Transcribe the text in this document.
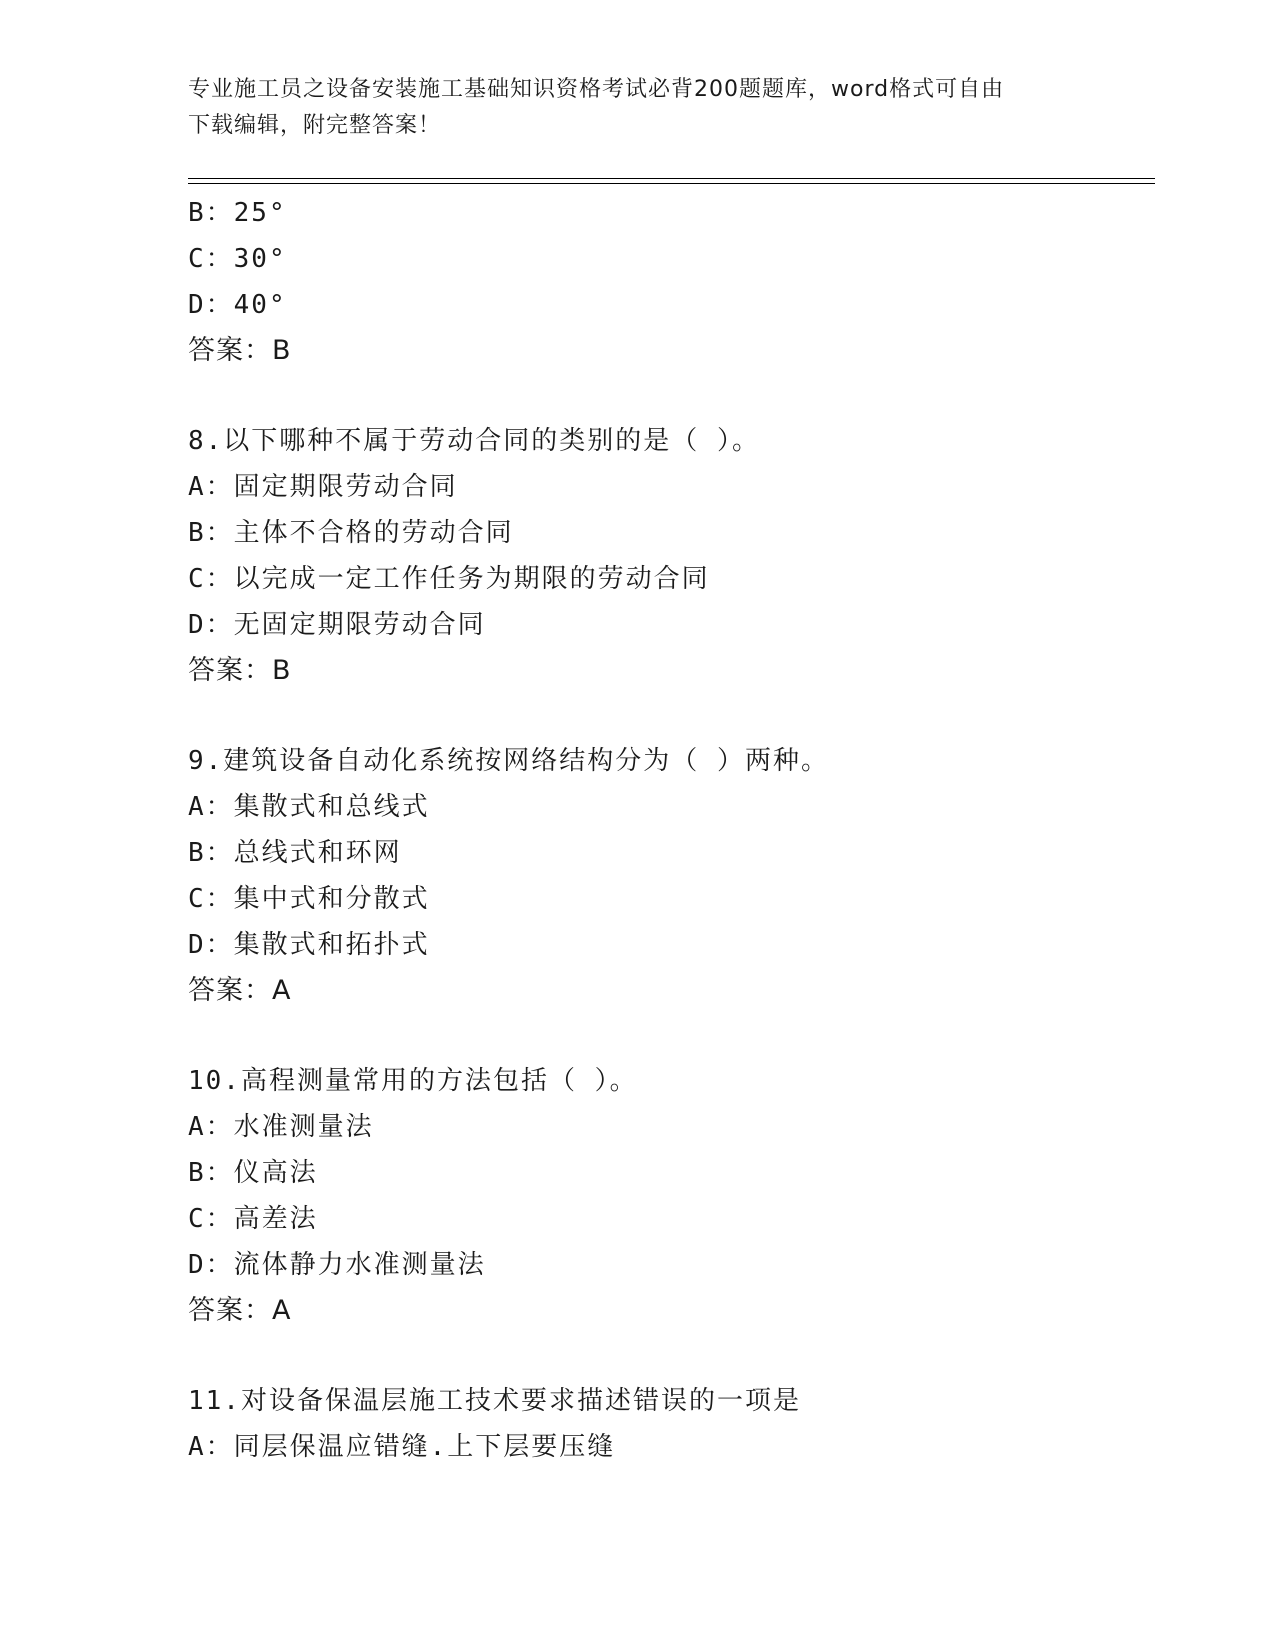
专业施工员之设备安装施工基础知识资格考试必背200题题库，word格式可自由
下载编辑，附完整答案！
B：25°
C：30°
D：40°
答案：B
8.以下哪种不属于劳动合同的类别的是（ ）。
A：固定期限劳动合同
B：主体不合格的劳动合同
C：以完成一定工作任务为期限的劳动合同
D：无固定期限劳动合同
答案：B
9.建筑设备自动化系统按网络结构分为（ ）两种。
A：集散式和总线式
B：总线式和环网
C：集中式和分散式
D：集散式和拓扑式
答案：A
10.高程测量常用的方法包括（ ）。
A：水准测量法
B：仪高法
C：高差法
D：流体静力水准测量法
答案：A
11.对设备保温层施工技术要求描述错误的一项是
A：同层保温应错缝.上下层要压缝
